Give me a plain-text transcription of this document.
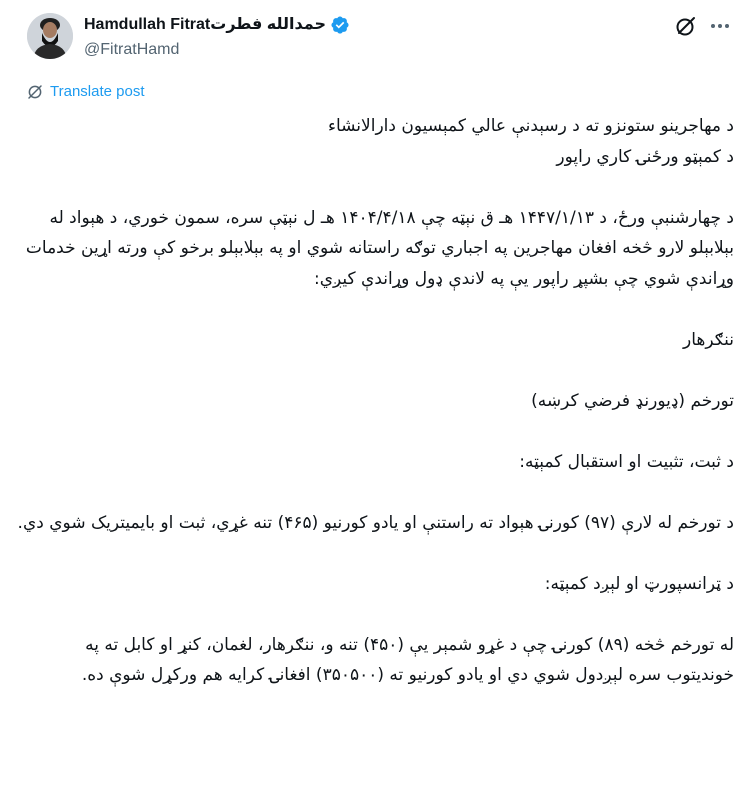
Hamdullah Fitratحمدالله فطرت
@FitratHamd
Translate post

د مهاجرينو ستونزو ته د رسېدنې عالي کمېسيون دارالانشاء
د کمېټو ورځنۍ کاري راپور

د چهارشنبې ورځ، د ۱۴۴۷/۱/۱۳ هـ ق نېټه چې ۱۴۰۴/۴/۱۸ هـ ل نېټې سره، سمون خوري، د هېواد له بېلابېلو لارو څخه افغان مهاجرين په اجباري توګه راستانه شوي او په بېلابېلو برخو کې ورته اړين خدمات وړاندې شوي چې بشپړ راپور يې په لاندې ډول وړاندې کيږي:

ننګرهار

تورخم (ډيورنډ فرضي کرښه)

د ثبت، تثبيت او استقبال کمېټه:

د تورخم له لارې (۹۷) کورنۍ هېواد ته راستنې او يادو کورنيو (۴۶۵) تنه غړي، ثبت او بايميتريک شوي دي.

د ټرانسپورټ او لېږد کمېټه:

له تورخم څخه (۸۹) کورنۍ چې د غړو شمېر يې (۴۵۰) تنه و، ننګرهار، لغمان، کنړ او کابل ته په خونديتوب سره لېږدول شوي دي او يادو کورنيو ته (۳۵۰۵۰۰) افغانۍ کرايه هم ورکړل شوې ده.
